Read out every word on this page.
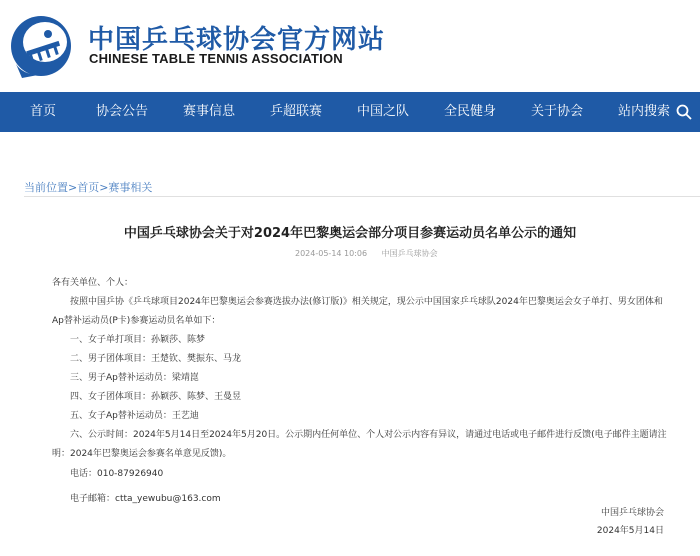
中国乒乓球协会官方网站
CHINESE TABLE TENNIS ASSOCIATION
首页	协会公告	赛事信息	乒超联赛	中国之队	全民健身	关于协会	站内搜索
当前位置>首页>赛事相关
中国乒乓球协会关于对2024年巴黎奥运会部分项目参赛运动员名单公示的通知
2024-05-14 10:06 中国乒乓球协会
各有关单位、个人：
按照中国乒协《乒乓球项目2024年巴黎奥运会参赛选拔办法(修订版)》相关规定，现公示中国国家乒乓球队2024年巴黎奥运会女子单打、男女团体和
Ap替补运动员(P卡)参赛运动员名单如下：
一、女子单打项目：孙颖莎、陈梦
二、男子团体项目：王楚钦、樊振东、马龙
三、男子Ap替补运动员：梁靖崑
四、女子团体项目：孙颖莎、陈梦、王曼昱
五、女子Ap替补运动员：王艺迪
六、公示时间：2024年5月14日至2024年5月20日。公示期内任何单位、个人对公示内容有异议，请通过电话或电子邮件进行反馈(电子邮件主题请注
明：2024年巴黎奥运会参赛名单意见反馈)。
电话：010-87926940
电子邮箱：ctta_yewubu@163.com
中国乒乓球协会
2024年5月14日
